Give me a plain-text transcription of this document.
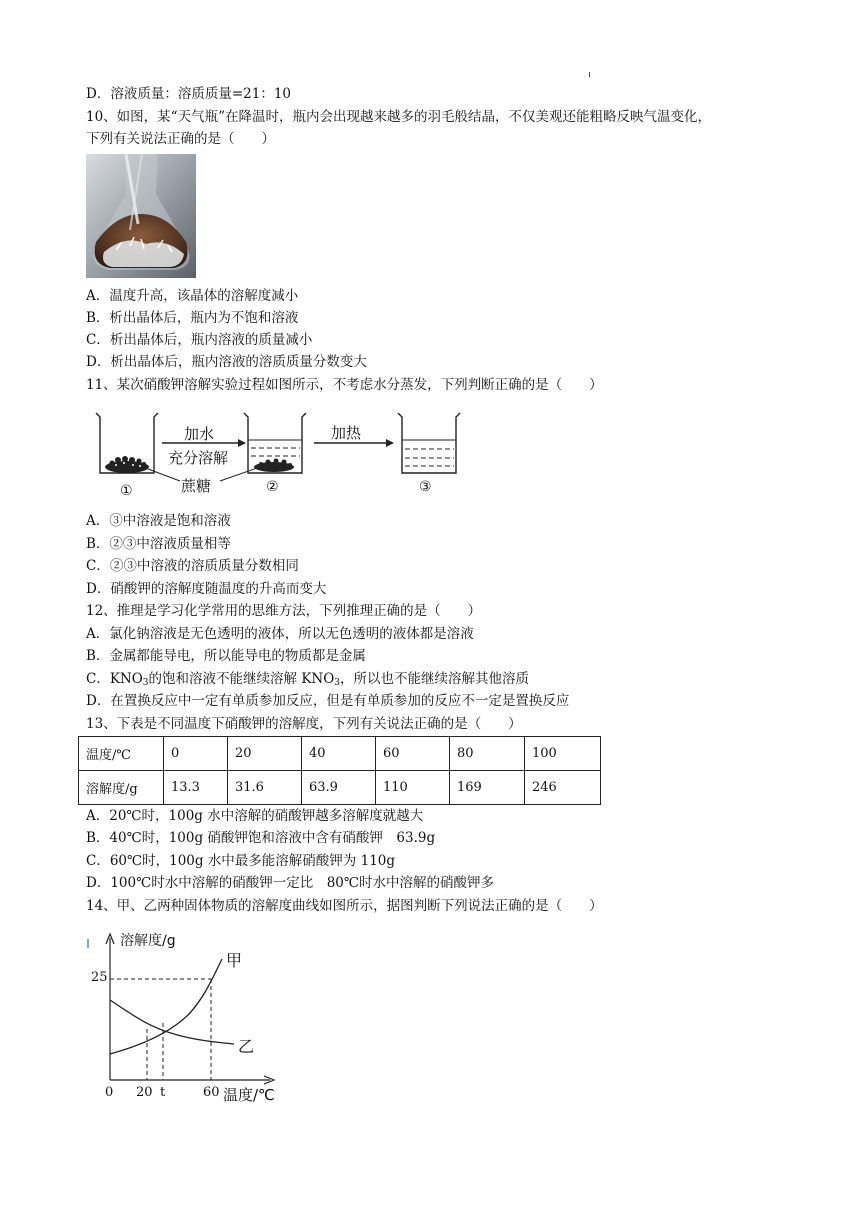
D．溶液质量：溶质质量=21：10
10、如图，某“天气瓶”在降温时，瓶内会出现越来越多的羽毛般结晶，不仅美观还能粗略反映气温变化，
下列有关说法正确的是（　　）
A．温度升高，该晶体的溶解度减小
B．析出晶体后，瓶内为不饱和溶液
C．析出晶体后，瓶内溶液的质量减小
D．析出晶体后，瓶内溶液的溶质质量分数变大
11、某次硝酸钾溶解实验过程如图所示，不考虑水分蒸发，下列判断正确的是（　　）
加水
充分溶解
蔗糖
加热
①	②	③
A．③中溶液是饱和溶液
B．②③中溶液质量相等
C．②③中溶液的溶质质量分数相同
D．硝酸钾的溶解度随温度的升高而变大
12、推理是学习化学常用的思维方法，下列推理正确的是（　　）
A．氯化钠溶液是无色透明的液体，所以无色透明的液体都是溶液
B．金属都能导电，所以能导电的物质都是金属
C．$KNO_3$的饱和溶液不能继续溶解 $KNO_3$，所以也不能继续溶解其他溶质
D．在置换反应中一定有单质参加反应，但是有单质参加的反应不一定是置换反应
13、下表是不同温度下硝酸钾的溶解度，下列有关说法正确的是（　　）
温度/℃	0	20	40	60	80	100
溶解度/g	13.3	31.6	63.9	110	169	246
A．20℃时，100g 水中溶解的硝酸钾越多溶解度就越大
B．40℃时，100g 硝酸钾饱和溶液中含有硝酸钾　63.9g
C．60℃时，100g 水中最多能溶解硝酸钾为 110g
D．100℃时水中溶解的硝酸钾一定比　80℃时水中溶解的硝酸钾多
14、甲、乙两种固体物质的溶解度曲线如图所示，据图判断下列说法正确的是（　　）
溶解度/g
25
0 20 t	60 温度/℃
甲
乙
